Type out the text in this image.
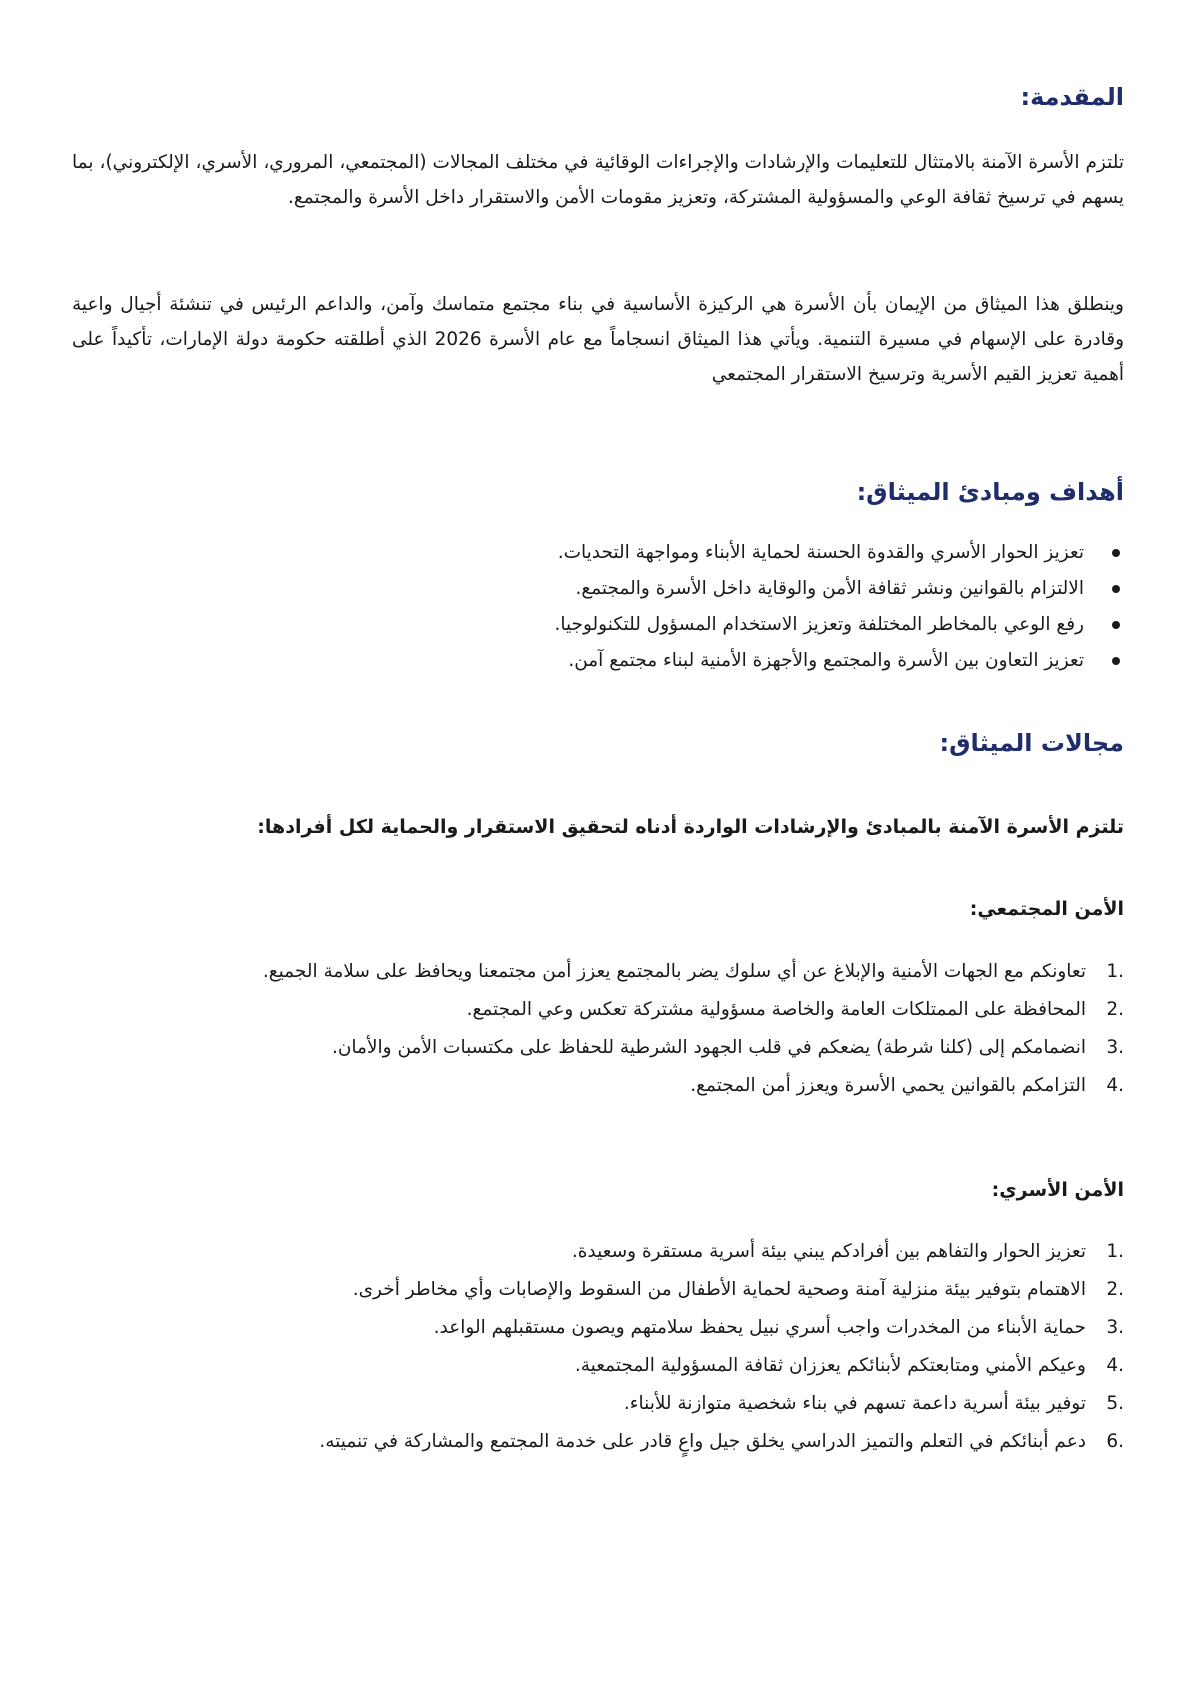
المقدمة:

تلتزم الأسرة الآمنة بالامتثال للتعليمات والإرشادات والإجراءات الوقائية في مختلف المجالات (المجتمعي، المروري، الأسري، الإلكتروني)، بما يسهم في ترسيخ ثقافة الوعي والمسؤولية المشتركة، وتعزيز مقومات الأمن والاستقرار داخل الأسرة والمجتمع.

وينطلق هذا الميثاق من الإيمان بأن الأسرة هي الركيزة الأساسية في بناء مجتمع متماسك وآمن، والداعم الرئيس في تنشئة أجيال واعية وقادرة على الإسهام في مسيرة التنمية. ويأتي هذا الميثاق انسجاماً مع عام الأسرة 2026 الذي أطلقته حكومة دولة الإمارات، تأكيداً على أهمية تعزيز القيم الأسرية وترسيخ الاستقرار المجتمعي

أهداف ومبادئ الميثاق:
تعزيز الحوار الأسري والقدوة الحسنة لحماية الأبناء ومواجهة التحديات.
الالتزام بالقوانين ونشر ثقافة الأمن والوقاية داخل الأسرة والمجتمع.
رفع الوعي بالمخاطر المختلفة وتعزيز الاستخدام المسؤول للتكنولوجيا.
تعزيز التعاون بين الأسرة والمجتمع والأجهزة الأمنية لبناء مجتمع آمن.
مجالات الميثاق:

تلتزم الأسرة الآمنة بالمبادئ والإرشادات الواردة أدناه لتحقيق الاستقرار والحماية لكل أفرادها:

الأمن المجتمعي:

.1
تعاونكم مع الجهات الأمنية والإبلاغ عن أي سلوك يضر بالمجتمع يعزز أمن مجتمعنا ويحافظ على سلامة الجميع.
.2
المحافظة على الممتلكات العامة والخاصة مسؤولية مشتركة تعكس وعي المجتمع.
.3
انضمامكم إلى (كلنا شرطة) يضعكم في قلب الجهود الشرطية للحفاظ على مكتسبات الأمن والأمان.
.4
التزامكم بالقوانين يحمي الأسرة ويعزز أمن المجتمع.

الأمن الأسري:

.1
تعزيز الحوار والتفاهم بين أفرادكم يبني بيئة أسرية مستقرة وسعيدة.
.2
الاهتمام بتوفير بيئة منزلية آمنة وصحية لحماية الأطفال من السقوط والإصابات وأي مخاطر أخرى.
.3
حماية الأبناء من المخدرات واجب أسري نبيل يحفظ سلامتهم ويصون مستقبلهم الواعد.
.4
وعيكم الأمني ومتابعتكم لأبنائكم يعززان ثقافة المسؤولية المجتمعية.
.5
توفير بيئة أسرية داعمة تسهم في بناء شخصية متوازنة للأبناء.
.6
دعم أبنائكم في التعلم والتميز الدراسي يخلق جيل واعٍ قادر على خدمة المجتمع والمشاركة في تنميته.
